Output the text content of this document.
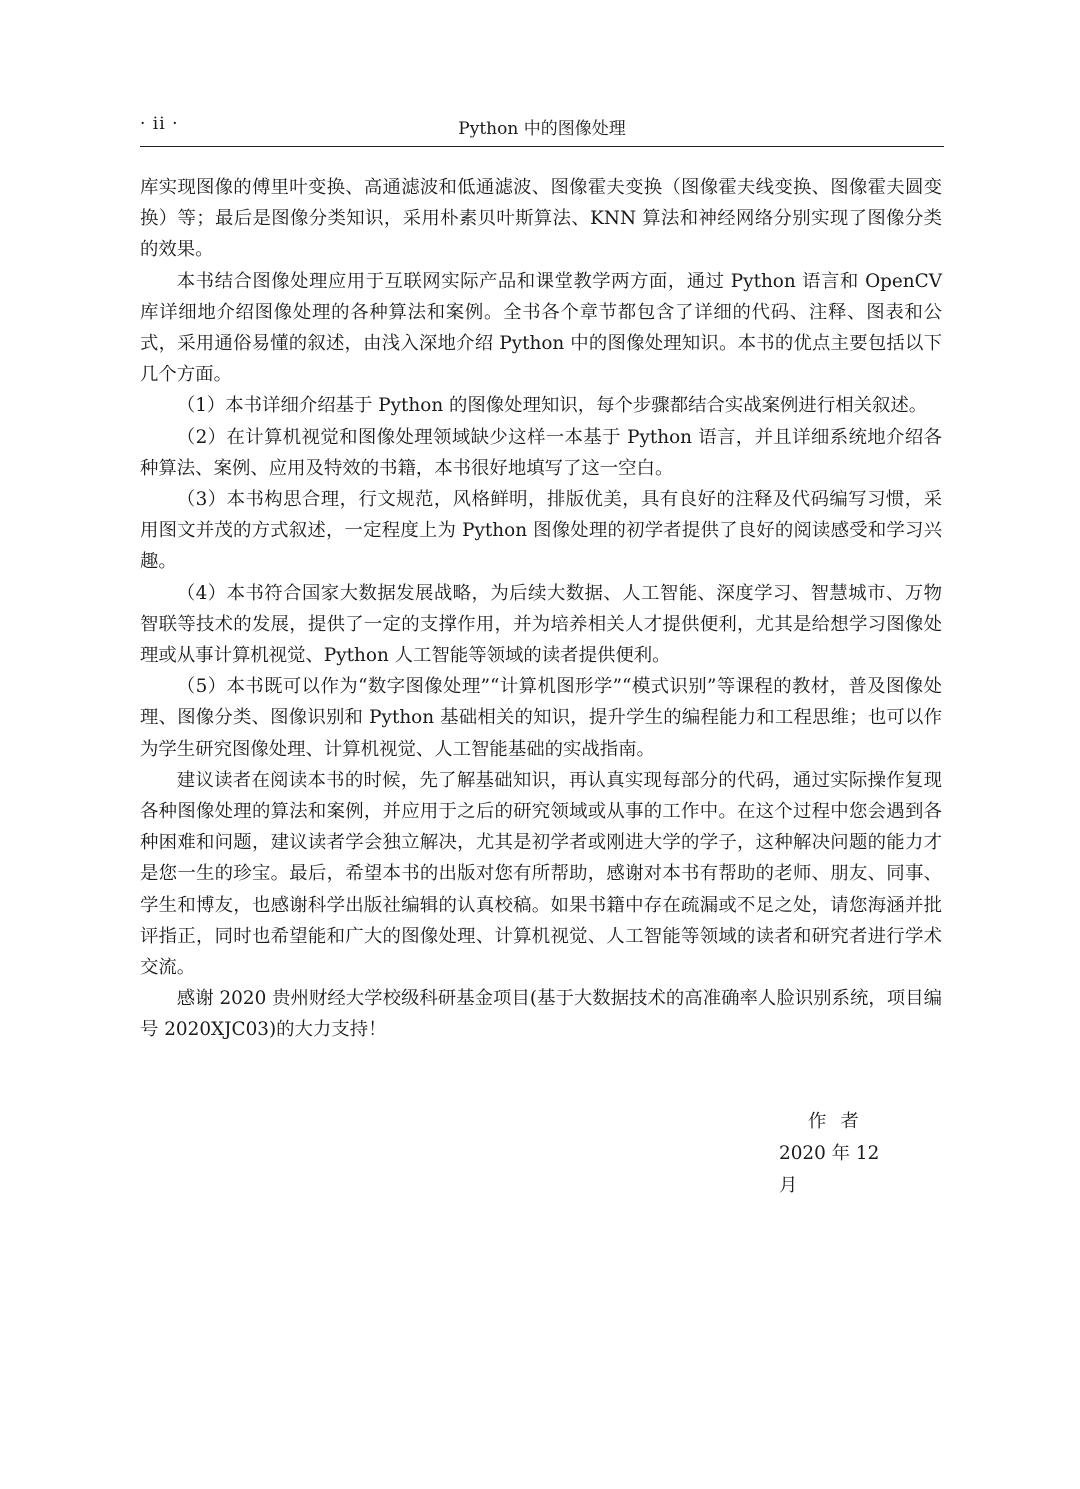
· ii ·	Python 中的图像处理

库实现图像的傅里叶变换、高通滤波和低通滤波、图像霍夫变换（图像霍夫线变换、图像霍夫圆变换）等；最后是图像分类知识，采用朴素贝叶斯算法、KNN 算法和神经网络分别实现了图像分类的效果。

本书结合图像处理应用于互联网实际产品和课堂教学两方面，通过 Python 语言和 OpenCV 库详细地介绍图像处理的各种算法和案例。全书各个章节都包含了详细的代码、注释、图表和公式，采用通俗易懂的叙述，由浅入深地介绍 Python 中的图像处理知识。本书的优点主要包括以下几个方面。

（1）本书详细介绍基于 Python 的图像处理知识，每个步骤都结合实战案例进行相关叙述。

（2）在计算机视觉和图像处理领域缺少这样一本基于 Python 语言，并且详细系统地介绍各种算法、案例、应用及特效的书籍，本书很好地填写了这一空白。

（3）本书构思合理，行文规范，风格鲜明，排版优美，具有良好的注释及代码编写习惯，采用图文并茂的方式叙述，一定程度上为 Python 图像处理的初学者提供了良好的阅读感受和学习兴趣。

（4）本书符合国家大数据发展战略，为后续大数据、人工智能、深度学习、智慧城市、万物智联等技术的发展，提供了一定的支撑作用，并为培养相关人才提供便利，尤其是给想学习图像处理或从事计算机视觉、Python 人工智能等领域的读者提供便利。

（5）本书既可以作为“数字图像处理”“计算机图形学”“模式识别”等课程的教材，普及图像处理、图像分类、图像识别和 Python 基础相关的知识，提升学生的编程能力和工程思维；也可以作为学生研究图像处理、计算机视觉、人工智能基础的实战指南。

建议读者在阅读本书的时候，先了解基础知识，再认真实现每部分的代码，通过实际操作复现各种图像处理的算法和案例，并应用于之后的研究领域或从事的工作中。在这个过程中您会遇到各种困难和问题，建议读者学会独立解决，尤其是初学者或刚进大学的学子，这种解决问题的能力才是您一生的珍宝。最后，希望本书的出版对您有所帮助，感谢对本书有帮助的老师、朋友、同事、学生和博友，也感谢科学出版社编辑的认真校稿。如果书籍中存在疏漏或不足之处，请您海涵并批评指正，同时也希望能和广大的图像处理、计算机视觉、人工智能等领域的读者和研究者进行学术交流。

感谢 2020 贵州财经大学校级科研基金项目(基于大数据技术的高准确率人脸识别系统，项目编号 2020XJC03)的大力支持！

作者
2020 年 12 月
